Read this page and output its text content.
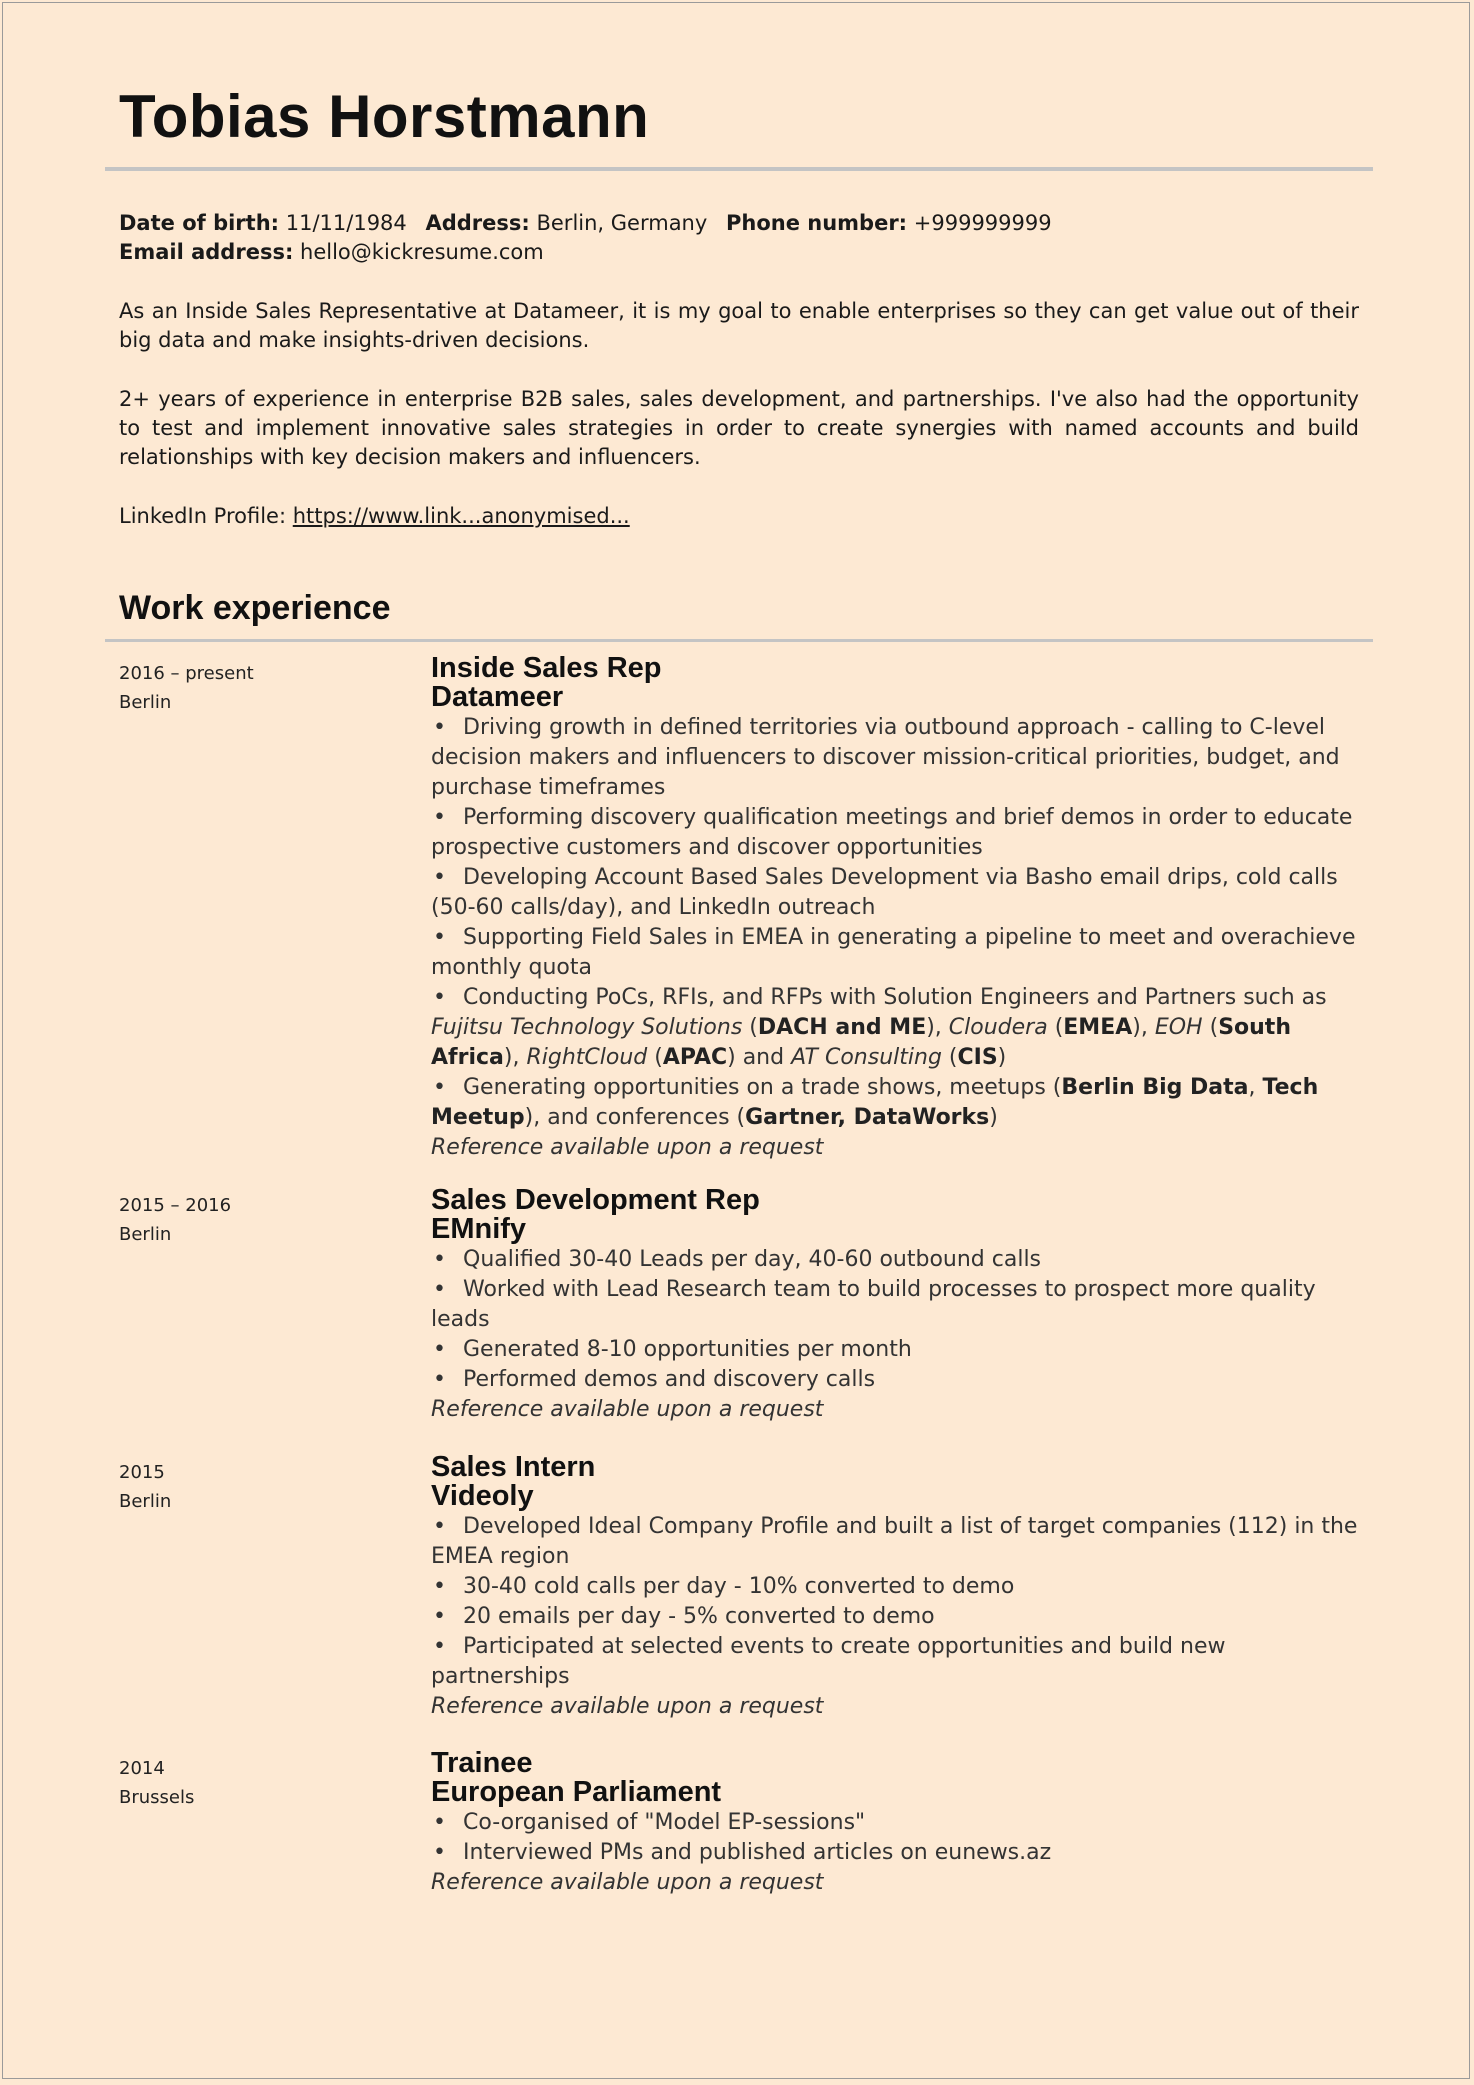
Tobias Horstmann

Date of birth: 11/11/1984 Address: Berlin, Germany Phone number: +999999999

Email address: hello@kickresume.com

As an Inside Sales Representative at Datameer, it is my goal to enable enterprises so they can get value out of their big data and make insights-driven decisions.

2+ years of experience in enterprise B2B sales, sales development, and partnerships. I've also had the opportunity to test and implement innovative sales strategies in order to create synergies with named accounts and build relationships with key decision makers and influencers.

LinkedIn Profile: https://www.link...anonymised...

Work experience
2016 – present
Berlin
Inside Sales Rep
Datameer
• Driving growth in defined territories via outbound approach - calling to C-level decision makers and influencers to discover mission-critical priorities, budget, and purchase timeframes
• Performing discovery qualification meetings and brief demos in order to educate prospective customers and discover opportunities
• Developing Account Based Sales Development via Basho email drips, cold calls (50-60 calls/day), and LinkedIn outreach
• Supporting Field Sales in EMEA in generating a pipeline to meet and overachieve monthly quota
• Conducting PoCs, RFIs, and RFPs with Solution Engineers and Partners such as Fujitsu Technology Solutions (DACH and ME), Cloudera (EMEA), EOH (South Africa), RightCloud (APAC) and AT Consulting (CIS)
• Generating opportunities on a trade shows, meetups (Berlin Big Data, Tech Meetup), and conferences (Gartner, DataWorks)
Reference available upon a request
2015 – 2016
Berlin
Sales Development Rep
EMnify
• Qualified 30-40 Leads per day, 40-60 outbound calls
• Worked with Lead Research team to build processes to prospect more quality leads
• Generated 8-10 opportunities per month
• Performed demos and discovery calls
Reference available upon a request
2015
Berlin
Sales Intern
Videoly
• Developed Ideal Company Profile and built a list of target companies (112) in the EMEA region
• 30-40 cold calls per day - 10% converted to demo
• 20 emails per day - 5% converted to demo
• Participated at selected events to create opportunities and build new partnerships
Reference available upon a request
2014
Brussels
Trainee
European Parliament
• Co-organised of "Model EP-sessions"
• Interviewed PMs and published articles on eunews.az
Reference available upon a request
